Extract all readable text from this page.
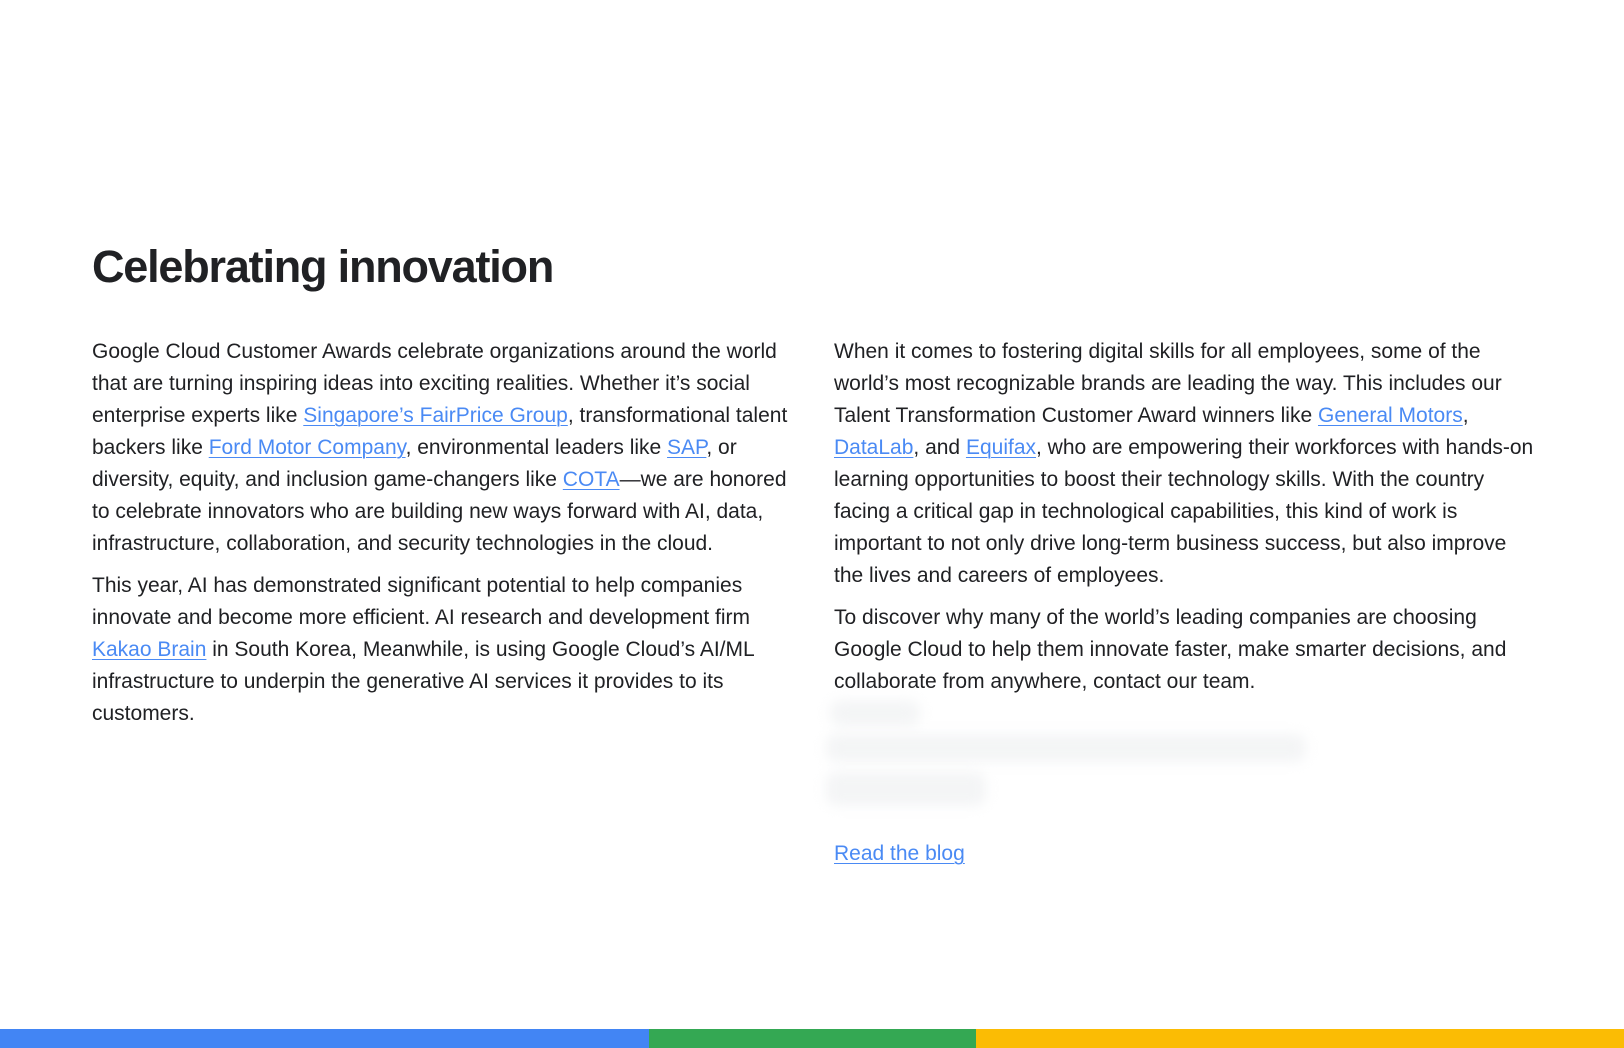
Celebrating innovation

Google Cloud Customer Awards celebrate organizations around the world that are turning inspiring ideas into exciting realities. Whether it’s social enterprise experts like Singapore’s FairPrice Group, transformational talent backers like Ford Motor Company, environmental leaders like SAP, or diversity, equity, and inclusion game-changers like COTA—we are honored to celebrate innovators who are building new ways forward with AI, data, infrastructure, collaboration, and security technologies in the cloud.

This year, AI has demonstrated significant potential to help companies innovate and become more efficient. AI research and development firm Kakao Brain in South Korea, Meanwhile, is using Google Cloud’s AI/ML infrastructure to underpin the generative AI services it provides to its customers.

When it comes to fostering digital skills for all employees, some of the world’s most recognizable brands are leading the way. This includes our Talent Transformation Customer Award winners like General Motors, DataLab, and Equifax, who are empowering their workforces with hands-on learning opportunities to boost their technology skills. With the country facing a critical gap in technological capabilities, this kind of work is important to not only drive long-term business success, but also improve the lives and careers of employees.

To discover why many of the world’s leading companies are choosing Google Cloud to help them innovate faster, make smarter decisions, and collaborate from anywhere, contact our team.

Read the blog
